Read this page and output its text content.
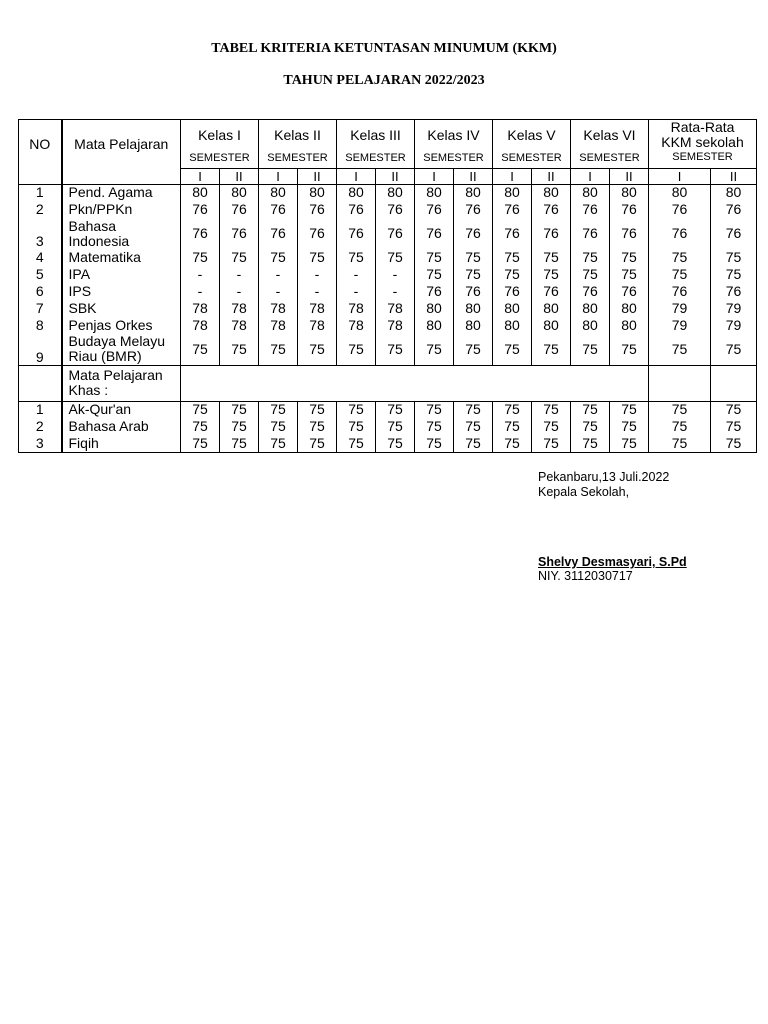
TABEL KRITERIA KETUNTASAN MINUMUM (KKM)
TAHUN PELAJARAN 2022/2023
NO	Mata Pelajaran	Kelas I		Kelas II		Kelas III		Kelas IV		Kelas V		Kelas VI		Rata-Rata
KKM sekolah	

		SEMESTER		SEMESTER		SEMESTER		SEMESTER		SEMESTER		SEMESTER		SEMESTER	
		I	II	I	II	I	II	I	II	I	II	I	II	I	II
1	Pend. Agama	80	80	80	80	80	80	80	80	80	80	80	80	80	80
2	Pkn/PPKn	76	76	76	76	76	76	76	76	76	76	76	76	76	76
3	Bahasa Indonesia	76	76	76	76	76	76	76	76	76	76	76	76	76	76
4	Matematika	75	75	75	75	75	75	75	75	75	75	75	75	75	75
5	IPA	-	-	-	-	-	-	75	75	75	75	75	75	75	75
6	IPS	-	-	-	-	-	-	76	76	76	76	76	76	76	76
7	SBK	78	78	78	78	78	78	80	80	80	80	80	80	79	79
8	Penjas Orkes	78	78	78	78	78	78	80	80	80	80	80	80	79	79
9	Budaya Melayu Riau (BMR)	75	75	75	75	75	75	75	75	75	75	75	75	75	75
	Mata Pelajaran Khas :														
1	Ak-Qur'an	75	75	75	75	75	75	75	75	75	75	75	75	75	75
2	Bahasa Arab	75	75	75	75	75	75	75	75	75	75	75	75	75	75
3	Fiqih	75	75	75	75	75	75	75	75	75	75	75	75	75	75
Pekanbaru,13 Juli.2022
Kepala Sekolah,
Shelvy Desmasyari, S.Pd
NIY. 3112030717
